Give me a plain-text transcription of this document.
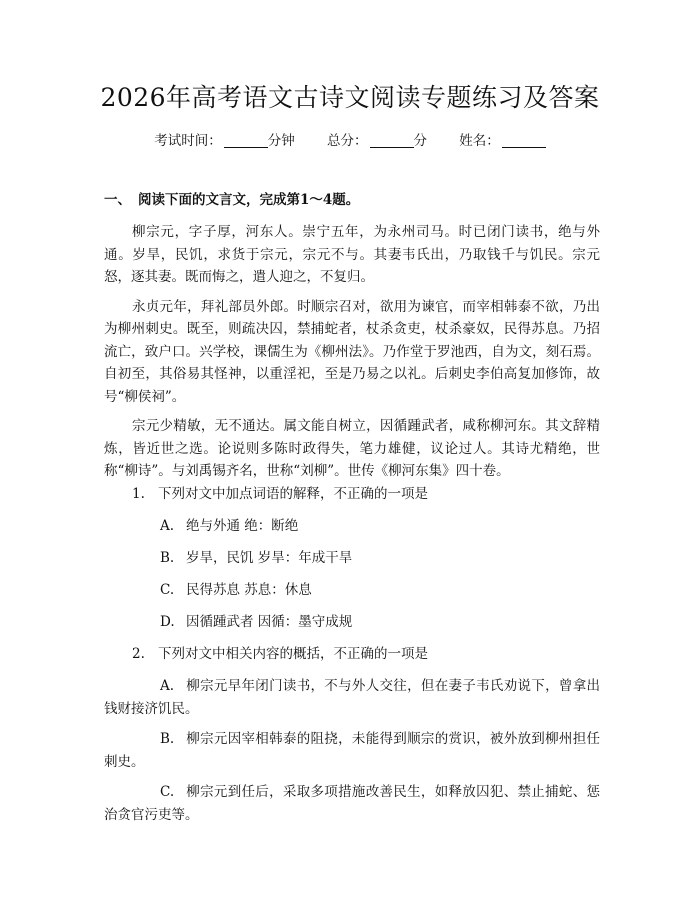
2026年高考语文古诗文阅读专题练习及答案
考试时间：	分钟 总分：	分 姓名：
一、 阅读下面的文言文，完成第1～4题。

柳宗元，字子厚，河东人。崇宁五年，为永州司马。时已闭门读书，绝与外通。岁旱，民饥，求货于宗元，宗元不与。其妻韦氏出，乃取钱千与饥民。宗元怒，逐其妻。既而悔之，遣人迎之，不复归。

永贞元年，拜礼部员外郎。时顺宗召对，欲用为谏官，而宰相韩泰不欲，乃出为柳州刺史。既至，则疏决囚，禁捕蛇者，杖杀贪吏，杖杀豪奴，民得苏息。乃招流亡，致户口。兴学校，课儒生为《柳州法》。乃作堂于罗池西，自为文，刻石焉。自初至，其俗易其怪神，以重淫祀，至是乃易之以礼。后刺史李伯高复加修饰，故号“柳侯祠”。

宗元少精敏，无不通达。属文能自树立，因循踵武者，咸称柳河东。其文辞精炼，皆近世之选。论说则多陈时政得失，笔力雄健，议论过人。其诗尤精绝，世称“柳诗”。与刘禹锡齐名，世称“刘柳”。世传《柳河东集》四十卷。

1. 下列对文中加点词语的解释，不正确的一项是
A. 绝与外通 绝：断绝
B. 岁旱，民饥 岁旱：年成干旱
C. 民得苏息 苏息：休息
D. 因循踵武者 因循：墨守成规
2. 下列对文中相关内容的概括，不正确的一项是

A. 柳宗元早年闭门读书，不与外人交往，但在妻子韦氏劝说下，曾拿出钱财接济饥民。

B. 柳宗元因宰相韩泰的阻挠，未能得到顺宗的赏识，被外放到柳州担任刺史。

C. 柳宗元到任后，采取多项措施改善民生，如释放囚犯、禁止捕蛇、惩治贪官污吏等。
